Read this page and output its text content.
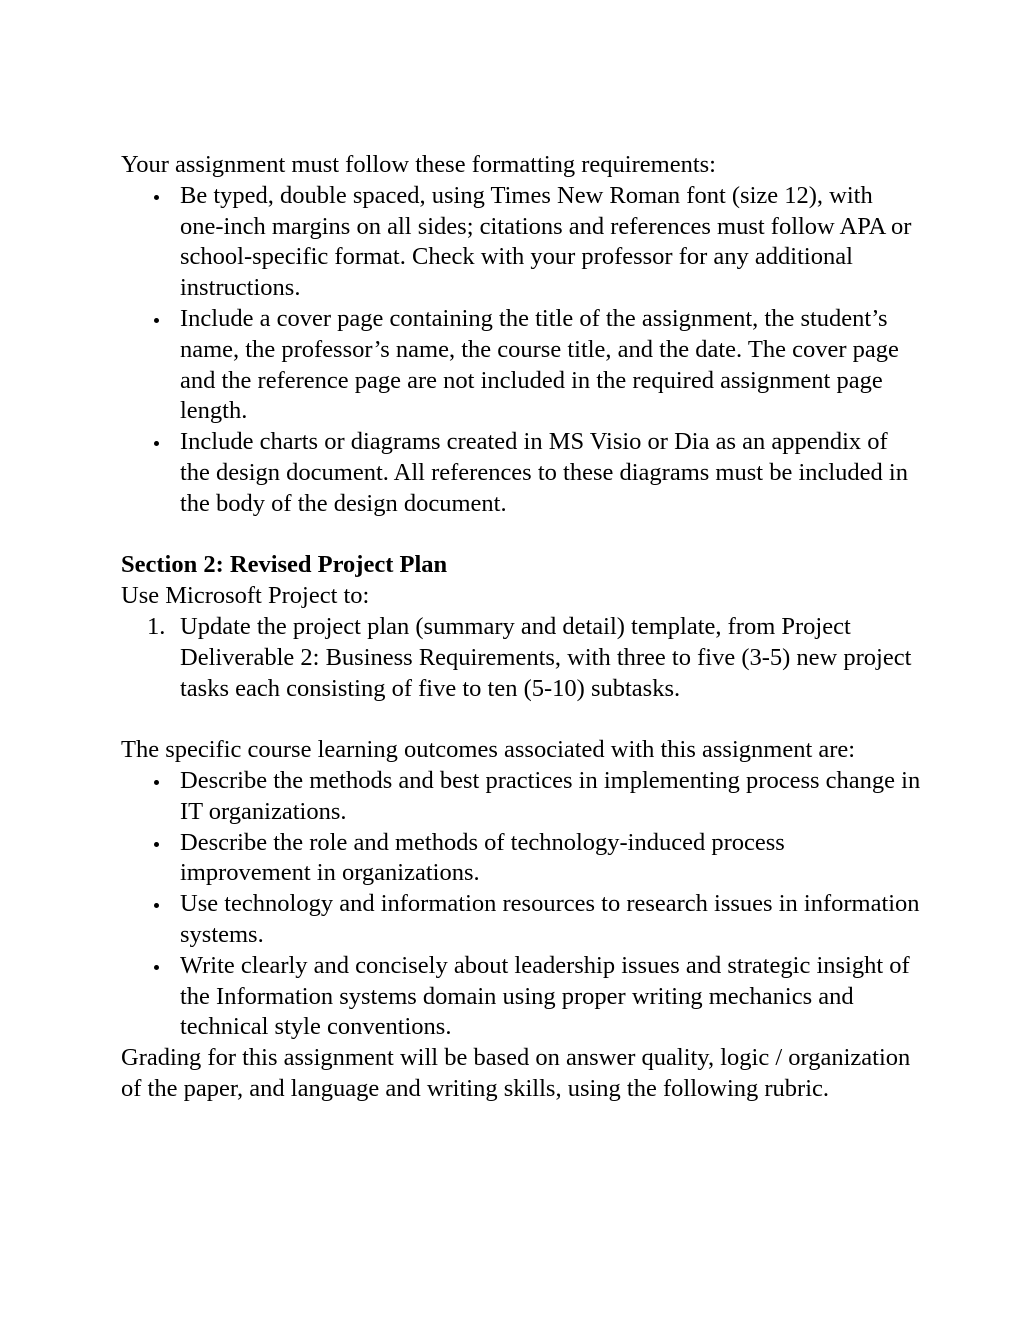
Your assignment must follow these formatting requirements:

Be typed, double spaced, using Times New Roman font (size 12), with one-inch margins on all sides; citations and references must follow APA or school-specific format. Check with your professor for any additional instructions.
Include a cover page containing the title of the assignment, the student’s name, the professor’s name, the course title, and the date. The cover page and the reference page are not included in the required assignment page length.
Include charts or diagrams created in MS Visio or Dia as an appendix of the design document. All references to these diagrams must be included in the body of the design document.
Section 2: Revised Project Plan

Use Microsoft Project to:

1. Update the project plan (summary and detail) template, from Project Deliverable 2: Business Requirements, with three to five (3-5) new project tasks each consisting of five to ten (5-10) subtasks.

The specific course learning outcomes associated with this assignment are:

Describe the methods and best practices in implementing process change in IT organizations.
Describe the role and methods of technology-induced process improvement in organizations.
Use technology and information resources to research issues in information systems.
Write clearly and concisely about leadership issues and strategic insight of the Information systems domain using proper writing mechanics and technical style conventions.

Grading for this assignment will be based on answer quality, logic / organization of the paper, and language and writing skills, using the following rubric.
